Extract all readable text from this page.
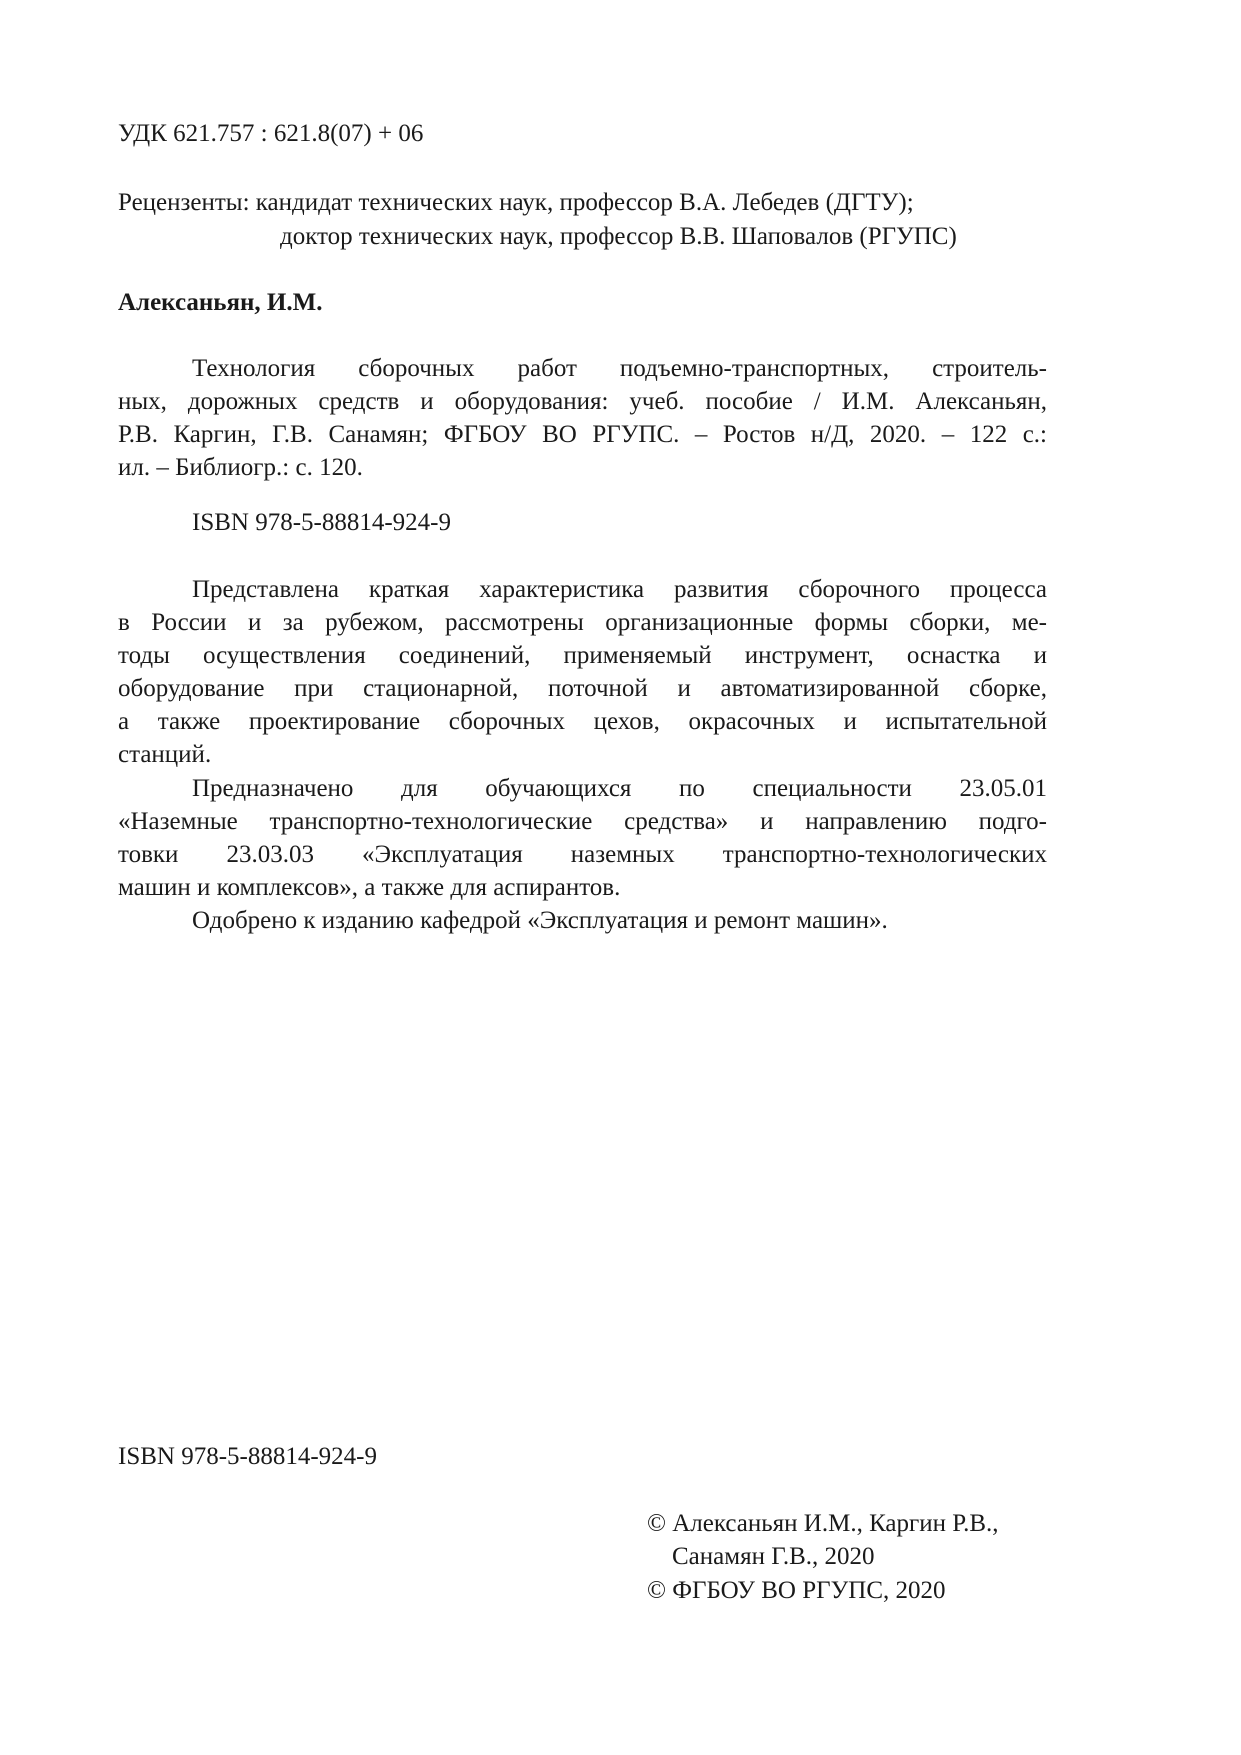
УДК 621.757 : 621.8(07) + 06
Рецензенты: кандидат технических наук, профессор В.А. Лебедев (ДГТУ);
доктор технических наук, профессор В.В. Шаповалов (РГУПС)
Алексаньян, И.М.
Технология сборочных работ подъемно-транспортных, строитель-
ных, дорожных средств и оборудования: учеб. пособие / И.М. Алексаньян,
Р.В. Каргин, Г.В. Санамян; ФГБОУ ВО РГУПС. – Ростов н/Д, 2020. – 122 с.:
ил. – Библиогр.: с. 120.
ISBN 978-5-88814-924-9
Представлена краткая характеристика развития сборочного процесса
в России и за рубежом, рассмотрены организационные формы сборки, ме-
тоды осуществления соединений, применяемый инструмент, оснастка и
оборудование при стационарной, поточной и автоматизированной сборке,
а также проектирование сборочных цехов, окрасочных и испытательной
станций.
Предназначено для обучающихся по специальности 23.05.01
«Наземные транспортно-технологические средства» и направлению подго-
товки 23.03.03 «Эксплуатация наземных транспортно-технологических
машин и комплексов», а также для аспирантов.
Одобрено к изданию кафедрой «Эксплуатация и ремонт машин».
ISBN 978-5-88814-924-9
© Алексаньян И.М., Каргин Р.В.,
Санамян Г.В., 2020
© ФГБОУ ВО РГУПС, 2020
